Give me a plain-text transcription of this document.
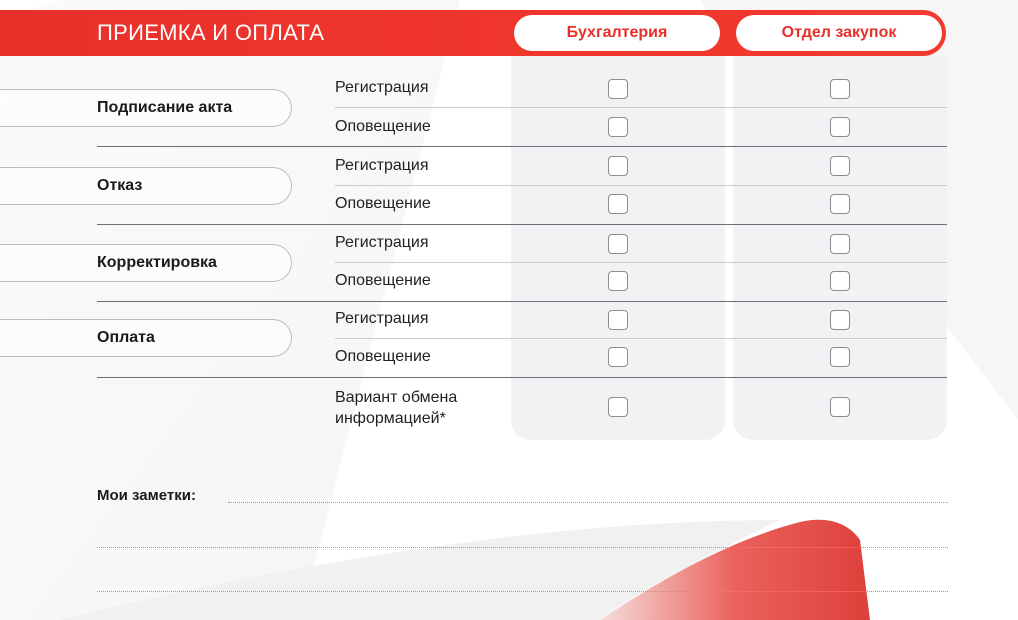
ПРИЕМКА И ОПЛАТА	Бухгалтерия	Отдел закупок
Подписание акта
Регистрация
Оповещение
Отказ
Регистрация
Оповещение
Корректировка
Регистрация
Оповещение
Оплата
Регистрация
Оповещение
Вариант обмена
информацией*
Мои заметки:
